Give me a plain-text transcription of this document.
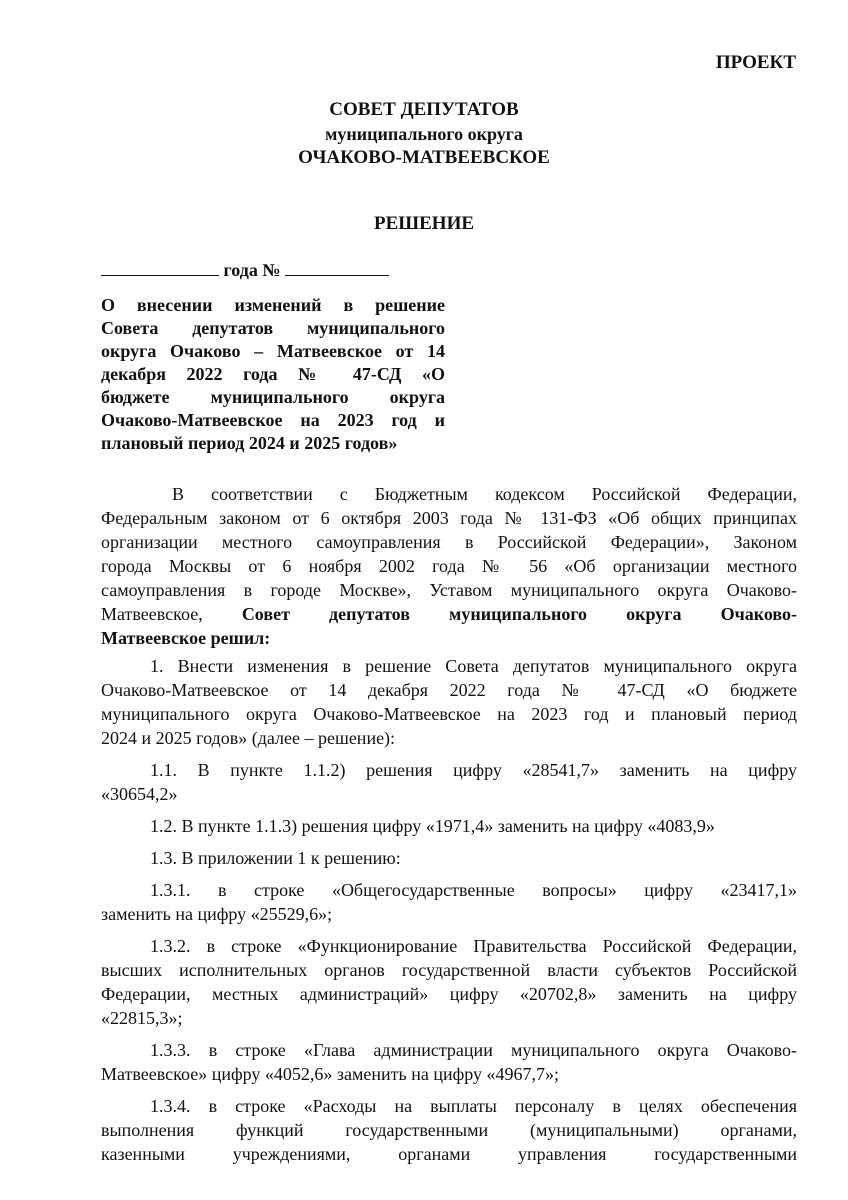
ПРОЕКТ
СОВЕТ ДЕПУТАТОВ
муниципального округа
ОЧАКОВО-МАТВЕЕВСКОЕ
РЕШЕНИЕ
года №
О внесении изменений в решение
Совета депутатов муниципального
округа Очаково – Матвеевское от 14
декабря 2022 года № 47-СД «О
бюджете муниципального округа
Очаково-Матвеевское на 2023 год и
плановый период 2024 и 2025 годов»

В соответствии с Бюджетным кодексом Российской Федерации,
Федеральным законом от 6 октября 2003 года № 131-ФЗ «Об общих принципах
организации местного самоуправления в Российской Федерации», Законом
города Москвы от 6 ноября 2002 года № 56 «Об организации местного
самоуправления в городе Москве», Уставом муниципального округа Очаково-
Матвеевское, Совет депутатов муниципального округа Очаково-
Матвеевское решил:

1. Внести изменения в решение Совета депутатов муниципального округа
Очаково-Матвеевское от 14 декабря 2022 года № 47-СД «О бюджете
муниципального округа Очаково-Матвеевское на 2023 год и плановый период
2024 и 2025 годов» (далее – решение):

1.1. В пункте 1.1.2) решения цифру «28541,7» заменить на цифру
«30654,2»

1.2. В пункте 1.1.3) решения цифру «1971,4» заменить на цифру «4083,9»

1.3. В приложении 1 к решению:

1.3.1. в строке «Общегосударственные вопросы» цифру «23417,1»
заменить на цифру «25529,6»;

1.3.2. в строке «Функционирование Правительства Российской Федерации,
высших исполнительных органов государственной власти субъектов Российской
Федерации, местных администраций» цифру «20702,8» заменить на цифру
«22815,3»;

1.3.3. в строке «Глава администрации муниципального округа Очаково-
Матвеевское» цифру «4052,6» заменить на цифру «4967,7»;

1.3.4. в строке «Расходы на выплаты персоналу в целях обеспечения
выполнения функций государственными (муниципальными) органами,
казенными учреждениями, органами управления государственными
